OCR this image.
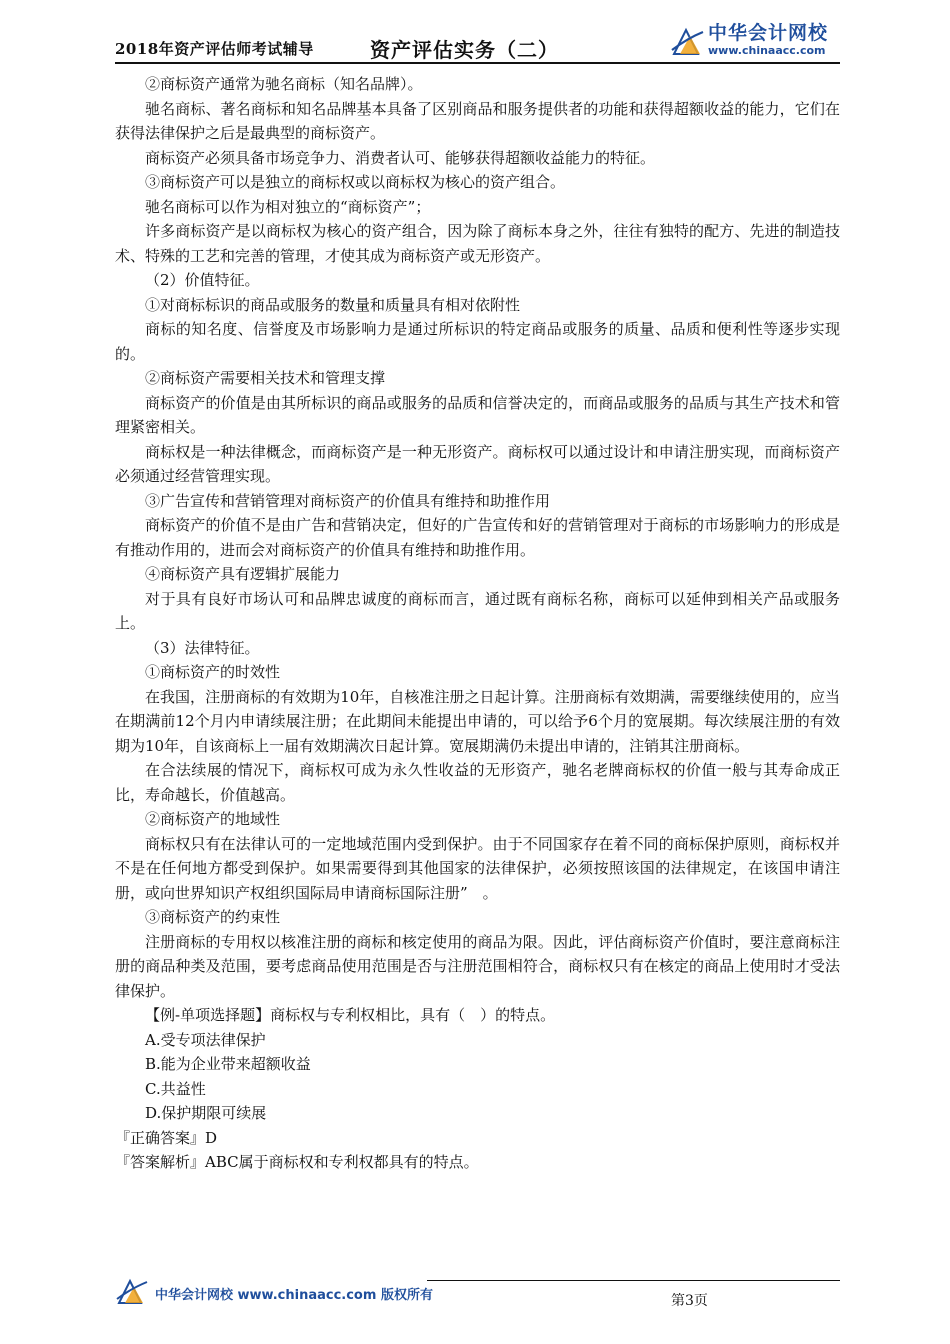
2018年资产评估师考试辅导	资产评估实务（二）
中华会计网校
www.chinaacc.com

②商标资产通常为驰名商标（知名品牌）。

驰名商标、著名商标和知名品牌基本具备了区别商品和服务提供者的功能和获得超额收益的能力，它们在获得法律保护之后是最典型的商标资产。

商标资产必须具备市场竞争力、消费者认可、能够获得超额收益能力的特征。

③商标资产可以是独立的商标权或以商标权为核心的资产组合。

驰名商标可以作为相对独立的“商标资产”；

许多商标资产是以商标权为核心的资产组合，因为除了商标本身之外，往往有独特的配方、先进的制造技术、特殊的工艺和完善的管理，才使其成为商标资产或无形资产。

（2）价值特征。

①对商标标识的商品或服务的数量和质量具有相对依附性

商标的知名度、信誉度及市场影响力是通过所标识的特定商品或服务的质量、品质和便利性等逐步实现的。

②商标资产需要相关技术和管理支撑

商标资产的价值是由其所标识的商品或服务的品质和信誉决定的，而商品或服务的品质与其生产技术和管理紧密相关。

商标权是一种法律概念，而商标资产是一种无形资产。商标权可以通过设计和申请注册实现，而商标资产必须通过经营管理实现。

③广告宣传和营销管理对商标资产的价值具有维持和助推作用

商标资产的价值不是由广告和营销决定，但好的广告宣传和好的营销管理对于商标的市场影响力的形成是有推动作用的，进而会对商标资产的价值具有维持和助推作用。

④商标资产具有逻辑扩展能力

对于具有良好市场认可和品牌忠诚度的商标而言，通过既有商标名称，商标可以延伸到相关产品或服务上。

（3）法律特征。

①商标资产的时效性

在我国，注册商标的有效期为10年，自核准注册之日起计算。注册商标有效期满，需要继续使用的，应当在期满前12个月内申请续展注册；在此期间未能提出申请的，可以给予6个月的宽展期。每次续展注册的有效期为10年，自该商标上一届有效期满次日起计算。宽展期满仍未提出申请的，注销其注册商标。

在合法续展的情况下，商标权可成为永久性收益的无形资产，驰名老牌商标权的价值一般与其寿命成正比，寿命越长，价值越高。

②商标资产的地域性

商标权只有在法律认可的一定地域范围内受到保护。由于不同国家存在着不同的商标保护原则，商标权并不是在任何地方都受到保护。如果需要得到其他国家的法律保护，必须按照该国的法律规定，在该国申请注册，或向世界知识产权组织国际局申请商标国际注册”　。

③商标资产的约束性

注册商标的专用权以核准注册的商标和核定使用的商品为限。因此，评估商标资产价值时，要注意商标注册的商品种类及范围，要考虑商品使用范围是否与注册范围相符合，商标权只有在核定的商品上使用时才受法律保护。

【例-单项选择题】商标权与专利权相比，具有（　）的特点。

A.受专项法律保护

B.能为企业带来超额收益

C.共益性

D.保护期限可续展

『正确答案』D

『答案解析』ABC属于商标权和专利权都具有的特点。

中华会计网校 www.chinaacc.com 版权所有	第3页
